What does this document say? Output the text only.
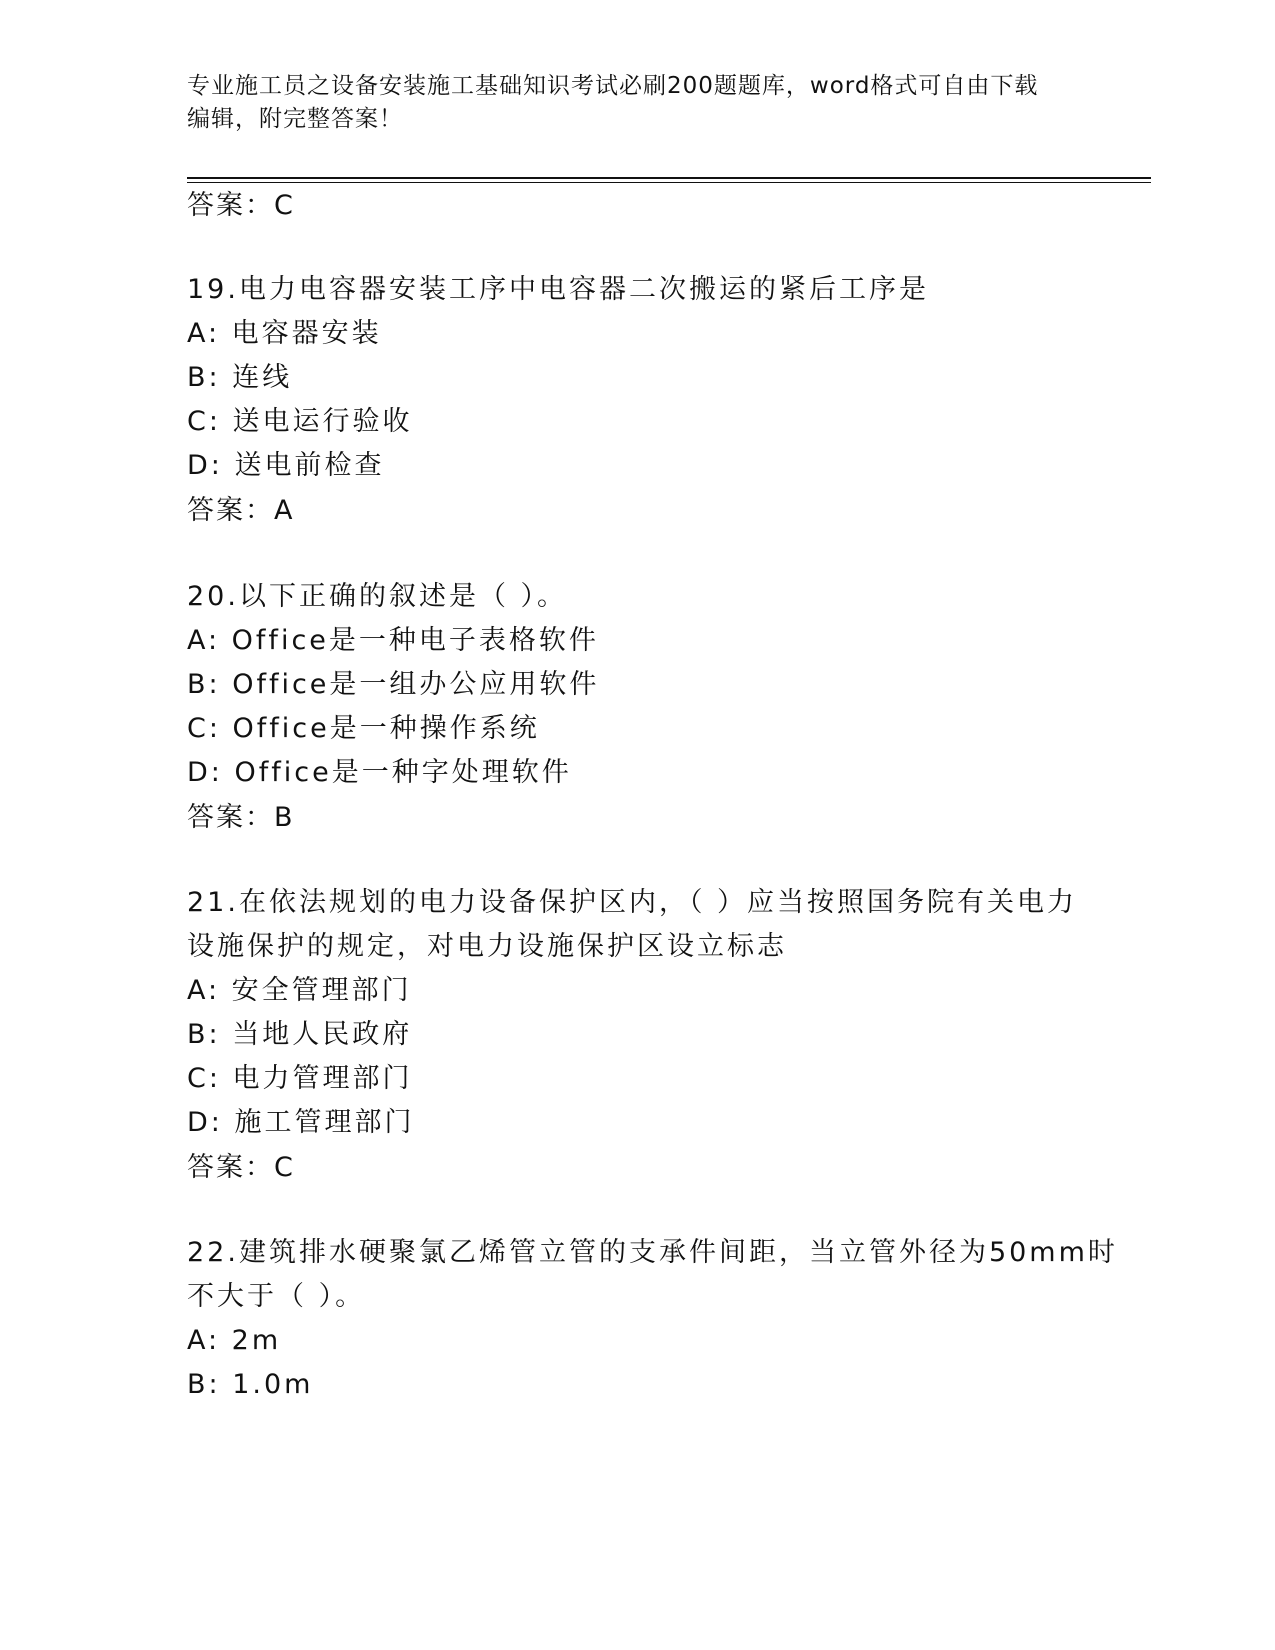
专业施工员之设备安装施工基础知识考试必刷200题题库，word格式可自由下载
编辑，附完整答案！
答案：C
19.电力电容器安装工序中电容器二次搬运的紧后工序是
A: 电容器安装
B: 连线
C: 送电运行验收
D: 送电前检查
答案：A
20.以下正确的叙述是（ ）。
A: Office是一种电子表格软件
B: Office是一组办公应用软件
C: Office是一种操作系统
D: Office是一种字处理软件
答案：B
21.在依法规划的电力设备保护区内，（ ）应当按照国务院有关电力
设施保护的规定，对电力设施保护区设立标志
A: 安全管理部门
B: 当地人民政府
C: 电力管理部门
D: 施工管理部门
答案：C
22.建筑排水硬聚氯乙烯管立管的支承件间距，当立管外径为50mm时
不大于（ ）。
A: 2m
B: 1.0m
